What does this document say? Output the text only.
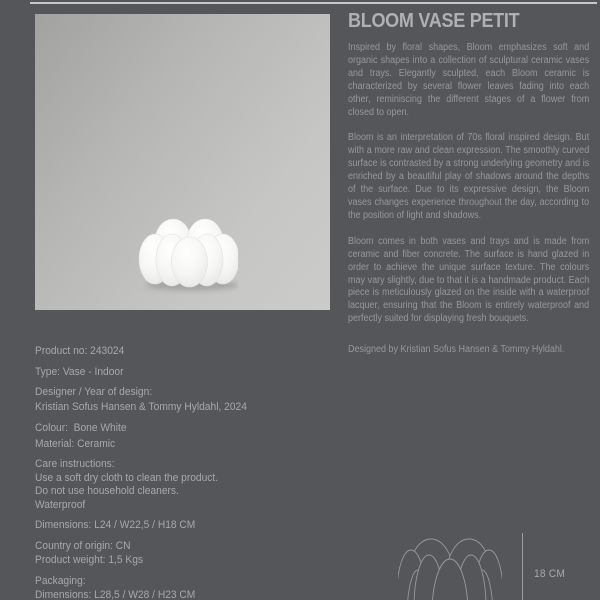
BLOOM VASE PETIT

Inspired by floral shapes, Bloom emphasizes soft and organic shapes into a collection of sculptural ceramic vases and trays. Elegantly sculpted, each Bloom ceramic is characterized by several flower leaves fading into each other, reminiscing the different stages of a flower from closed to open.

Bloom is an interpretation of 70s floral inspired design. But with a more raw and clean expression. The smoothly curved surface is contrasted by a strong underlying geometry and is enriched by a beautiful play of shadows around the depths of the surface. Due to its expressive design, the Bloom vases changes experience throughout the day, according to the position of light and shadows.

Bloom comes in both vases and trays and is made from ceramic and fiber concrete. The surface is hand glazed in order to achieve the unique surface texture. The colours may vary slightly, due to that it is a handmade product. Each piece is meticulously glazed on the inside with a waterproof lacquer, ensuring that the Bloom is entirely waterproof and perfectly suited for displaying fresh bouquets.

Designed by Kristian Sofus Hansen & Tommy Hyldahl.
Product no: 243024
Type: Vase - Indoor
Designer / Year of design:
Kristian Sofus Hansen & Tommy Hyldahl, 2024
Colour:  Bone White
Material: Ceramic
Care instructions:
Use a soft dry cloth to clean the product.
Do not use household cleaners.
Waterproof
Dimensions: L24 / W22,5 / H18 CM
Country of origin: CN
Product weight: 1,5 Kgs
Packaging:
Dimensions: L28,5 / W28 / H23 CM
18 CM
